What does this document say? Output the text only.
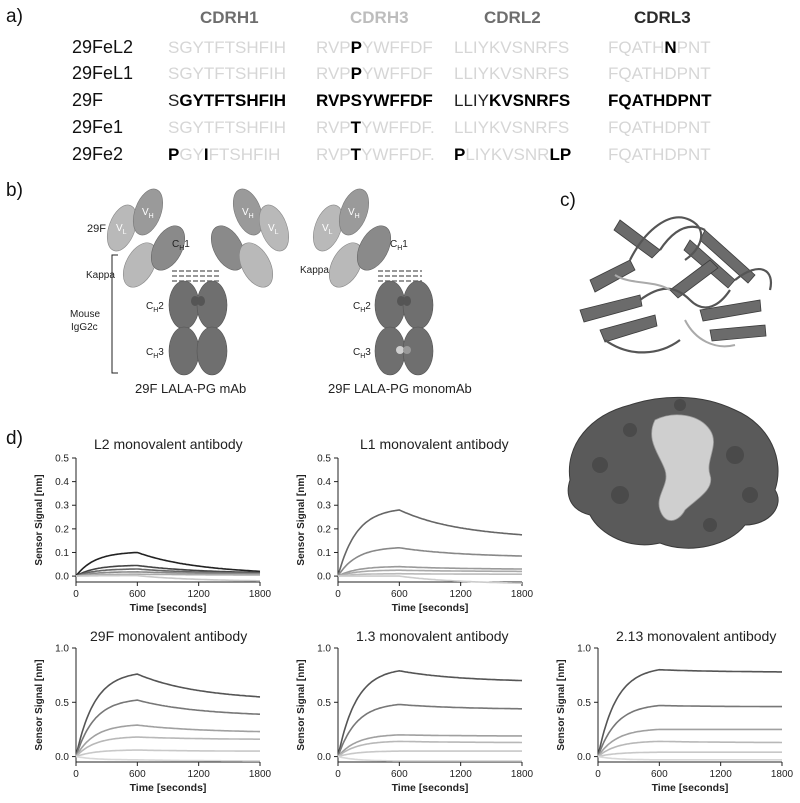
a)	CDRH1	CDRH3	CDRL2	CDRL3
29FeL2 SGYTFTSHFIH RVPPYWFFDF LLIYKVSNRFS FQATHNPNT
29FeL1 SGYTFTSHFIH RVPPYWFFDF LLIYKVSNRFS FQATHDPNT
29F	SGYTFTSHFIH RVPSYWFFDF LLIYKVSNRFS FQATHDPNT
29Fe1	SGYTFTSHFIH RVPTYWFFDF. LLIYKVSNRFS FQATHDPNT
29Fe2	PGYIFTSHFIH RVPTYWFFDF. PLIYKVSNRLP FQATHDPNT
b)
29F $V_L$
$V_H$	$V_H$
$V_L$
$C_H1$
Kappa
$C_H2$
$C_H3$
Mouse
IgG2c
29F LALA-PG mAb
$V_L$
$V_H$
$C_H1$
Kappa
$C_H2$
$C_H3$
29F LALA-PG monomAb
c)
d)	L2 monovalent antibody	L1 monovalent antibody
29F monovalent antibody	1.3 monovalent antibody	2.13 monovalent antibody
0.0
0.1
0.2
0.3
0.4
0.5
0	600	1200	1800
Time [seconds]
Sensor Signal [nm]
0.0
0.1
0.2
0.3
0.4
0.5
0	600	1200	1800
Time [seconds]
Sensor Signal [nm]
0.0
0.5
1.0
0	600	1200	1800
Time [seconds]
Sensor Signal [nm]
0.0
0.5
1.0
0	600	1200	1800
Time [seconds]
Sensor Signal [nm]
0.0
0.5
1.0
0	600	1200	1800
Time [seconds]
Sensor Signal [nm]
